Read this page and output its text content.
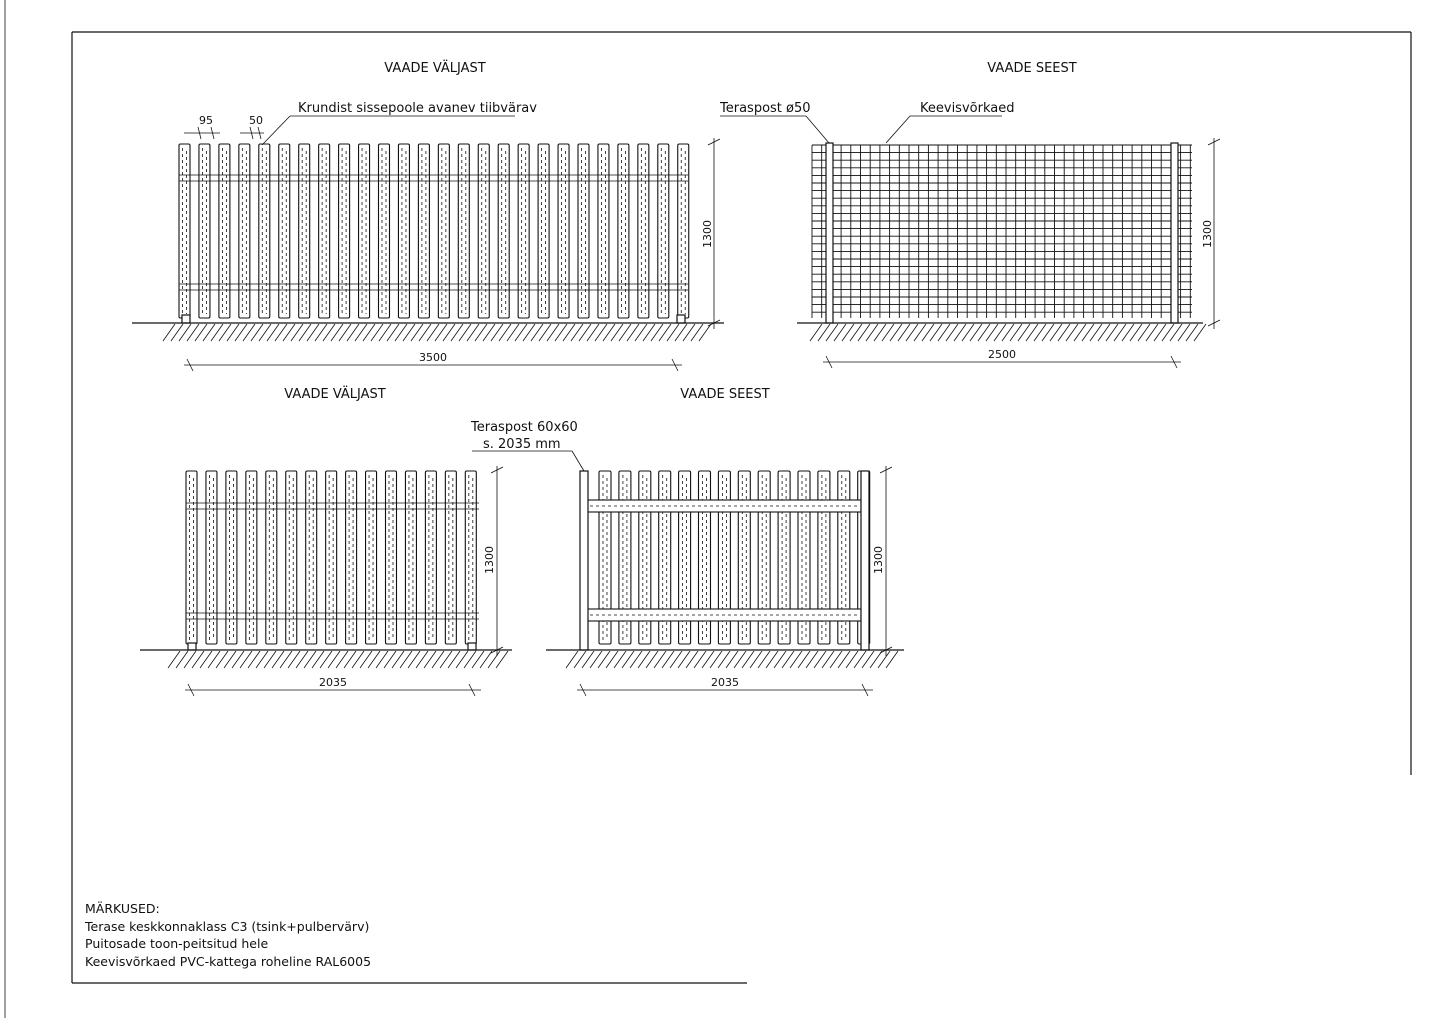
VAADE VÄLJAST	VAADE SEEST
VAADE VÄLJAST	VAADE SEEST
1300
3500
95	50
Krundist sissepoole avanev tiibvärav
1300
2500
Teraspost ø50	Keevisvõrkaed
1300
2035
1300
2035
Teraspost 60x60
s. 2035 mm
MÄRKUSED:
Terase keskkonnaklass C3 (tsink+pulbervärv)
Puitosade toon-peitsitud hele
Keevisvõrkaed PVC-kattega roheline RAL6005
